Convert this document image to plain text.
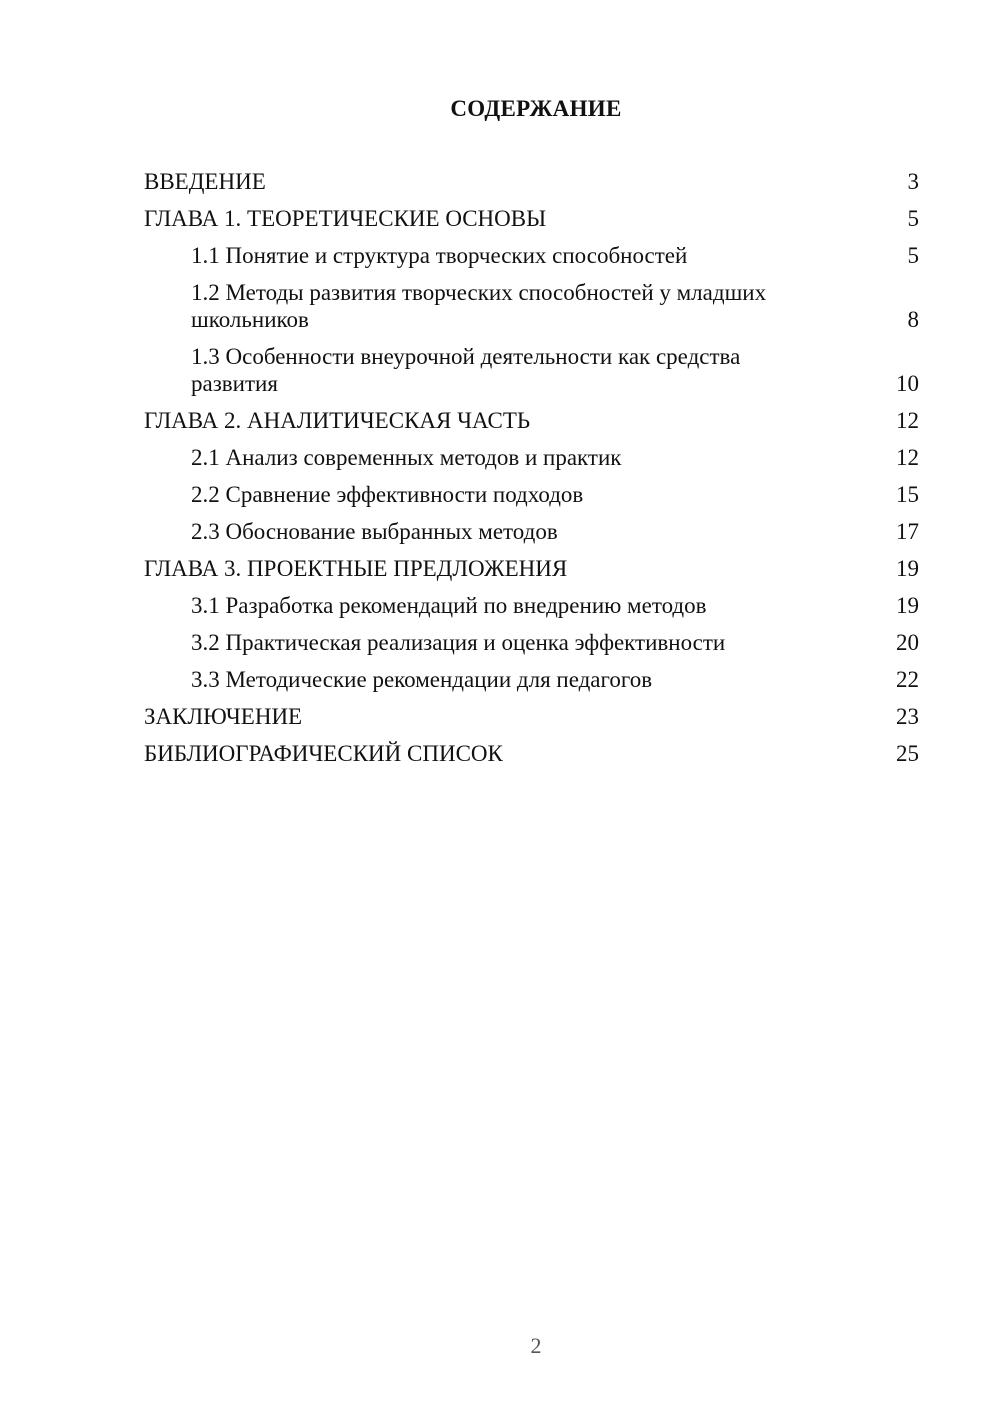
СОДЕРЖАНИЕ
ВВЕДЕНИЕ	3
ГЛАВА 1. ТЕОРЕТИЧЕСКИЕ ОСНОВЫ	5
1.1 Понятие и структура творческих способностей	5
1.2 Методы развития творческих способностей у младших школьников	8
1.3 Особенности внеурочной деятельности как средства развития	10
ГЛАВА 2. АНАЛИТИЧЕСКАЯ ЧАСТЬ	12
2.1 Анализ современных методов и практик	12
2.2 Сравнение эффективности подходов	15
2.3 Обоснование выбранных методов	17
ГЛАВА 3. ПРОЕКТНЫЕ ПРЕДЛОЖЕНИЯ	19
3.1 Разработка рекомендаций по внедрению методов	19
3.2 Практическая реализация и оценка эффективности	20
3.3 Методические рекомендации для педагогов	22
ЗАКЛЮЧЕНИЕ	23
БИБЛИОГРАФИЧЕСКИЙ СПИСОК	25
2
